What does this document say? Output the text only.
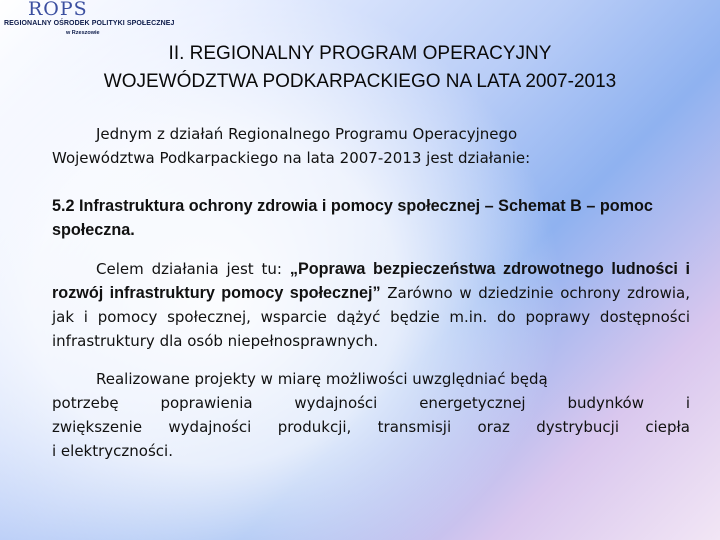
ROPS
REGIONALNY OŚRODEK POLITYKI SPOŁECZNEJ
w Rzeszowie
II. REGIONALNY PROGRAM OPERACYJNY
WOJEWÓDZTWA PODKARPACKIEGO NA LATA 2007-2013

Jednym z działań Regionalnego Programu Operacyjnego
Województwa Podkarpackiego na lata 2007-2013 jest działanie:

5.2 Infrastruktura ochrony zdrowia i pomocy społecznej – Schemat B – pomoc społeczna.

Celem działania jest tu: „Poprawa bezpieczeństwa zdrowotnego ludności i rozwój infrastruktury pomocy społecznej” Zarówno w dziedzinie ochrony zdrowia, jak i pomocy społecznej, wsparcie dążyć będzie m.in. do poprawy dostępności infrastruktury dla osób niepełnosprawnych.

Realizowane projekty w miarę możliwości uwzględniać będą
potrzebę poprawienia wydajności energetycznej budynków i
zwiększenie wydajności produkcji, transmisji oraz dystrybucji ciepła
i elektryczności.
